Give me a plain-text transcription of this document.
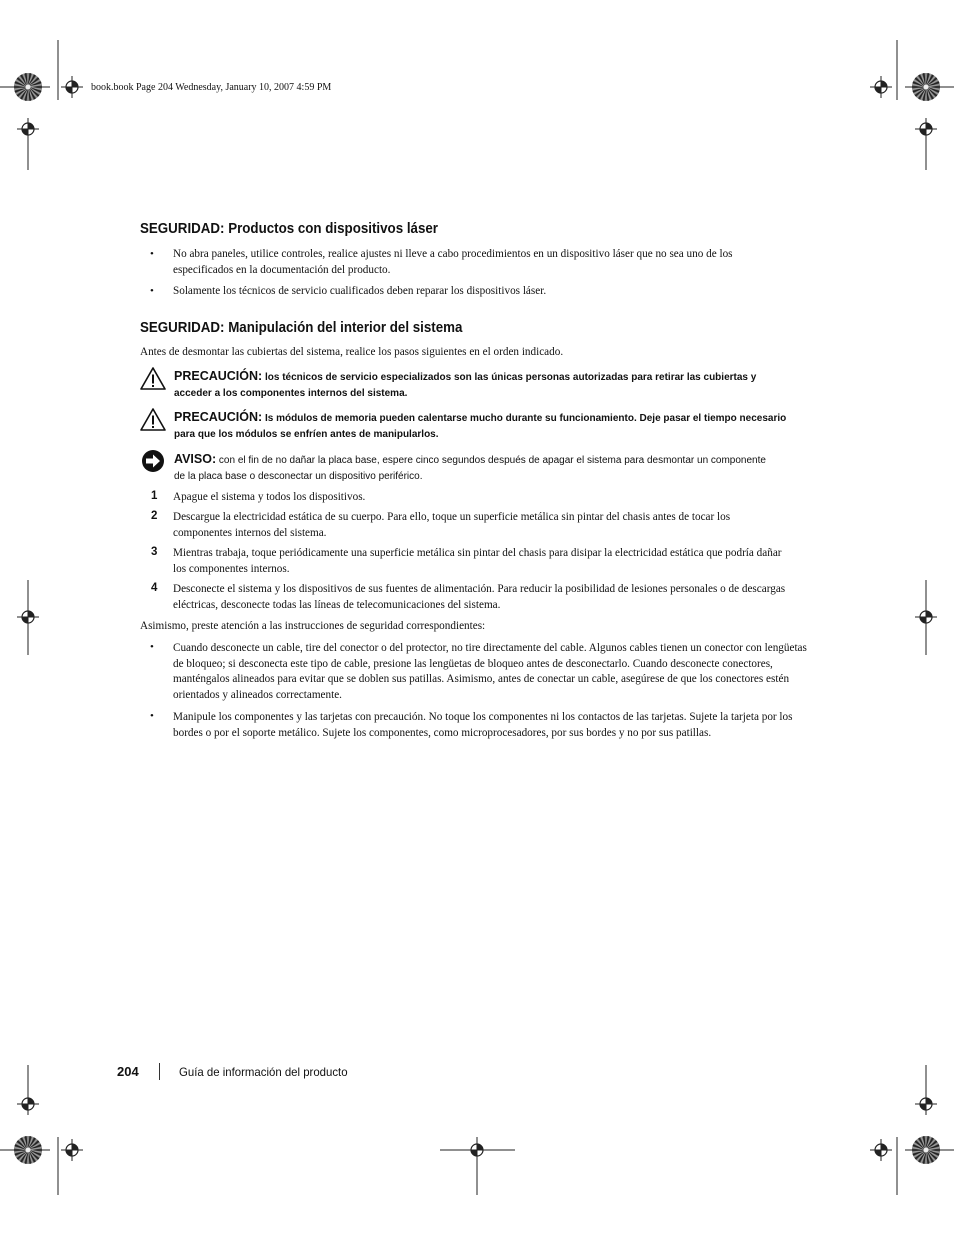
book.book Page 204 Wednesday, January 10, 2007 4:59 PM
SEGURIDAD: Productos con dispositivos láser
• No abra paneles, utilice controles, realice ajustes ni lleve a cabo procedimientos en un dispositivo láser que no sea uno de los especificados en la documentación del producto.
• Solamente los técnicos de servicio cualificados deben reparar los dispositivos láser.
SEGURIDAD: Manipulación del interior del sistema
Antes de desmontar las cubiertas del sistema, realice los pasos siguientes en el orden indicado.
PRECAUCIÓN: los técnicos de servicio especializados son las únicas personas autorizadas para retirar las cubiertas y acceder a los componentes internos del sistema.
PRECAUCIÓN: Is módulos de memoria pueden calentarse mucho durante su funcionamiento. Deje pasar el tiempo necesario para que los módulos se enfríen antes de manipularlos.
AVISO: con el fin de no dañar la placa base, espere cinco segundos después de apagar el sistema para desmontar un componente de la placa base o desconectar un dispositivo periférico.
1 Apague el sistema y todos los dispositivos.
2 Descargue la electricidad estática de su cuerpo. Para ello, toque un superficie metálica sin pintar del chasis antes de tocar los componentes internos del sistema.
3 Mientras trabaja, toque periódicamente una superficie metálica sin pintar del chasis para disipar la electricidad estática que podría dañar los componentes internos.
4 Desconecte el sistema y los dispositivos de sus fuentes de alimentación. Para reducir la posibilidad de lesiones personales o de descargas eléctricas, desconecte todas las líneas de telecomunicaciones del sistema.
Asimismo, preste atención a las instrucciones de seguridad correspondientes:
• Cuando desconecte un cable, tire del conector o del protector, no tire directamente del cable. Algunos cables tienen un conector con lengüetas de bloqueo; si desconecta este tipo de cable, presione las lengüetas de bloqueo antes de desconectarlo. Cuando desconecte conectores, manténgalos alineados para evitar que se doblen sus patillas. Asimismo, antes de conectar un cable, asegúrese de que los conectores estén orientados y alineados correctamente.
• Manipule los componentes y las tarjetas con precaución. No toque los componentes ni los contactos de las tarjetas. Sujete la tarjeta por los bordes o por el soporte metálico. Sujete los componentes, como microprocesadores, por sus bordes y no por sus patillas.
204	Guía de información del producto
